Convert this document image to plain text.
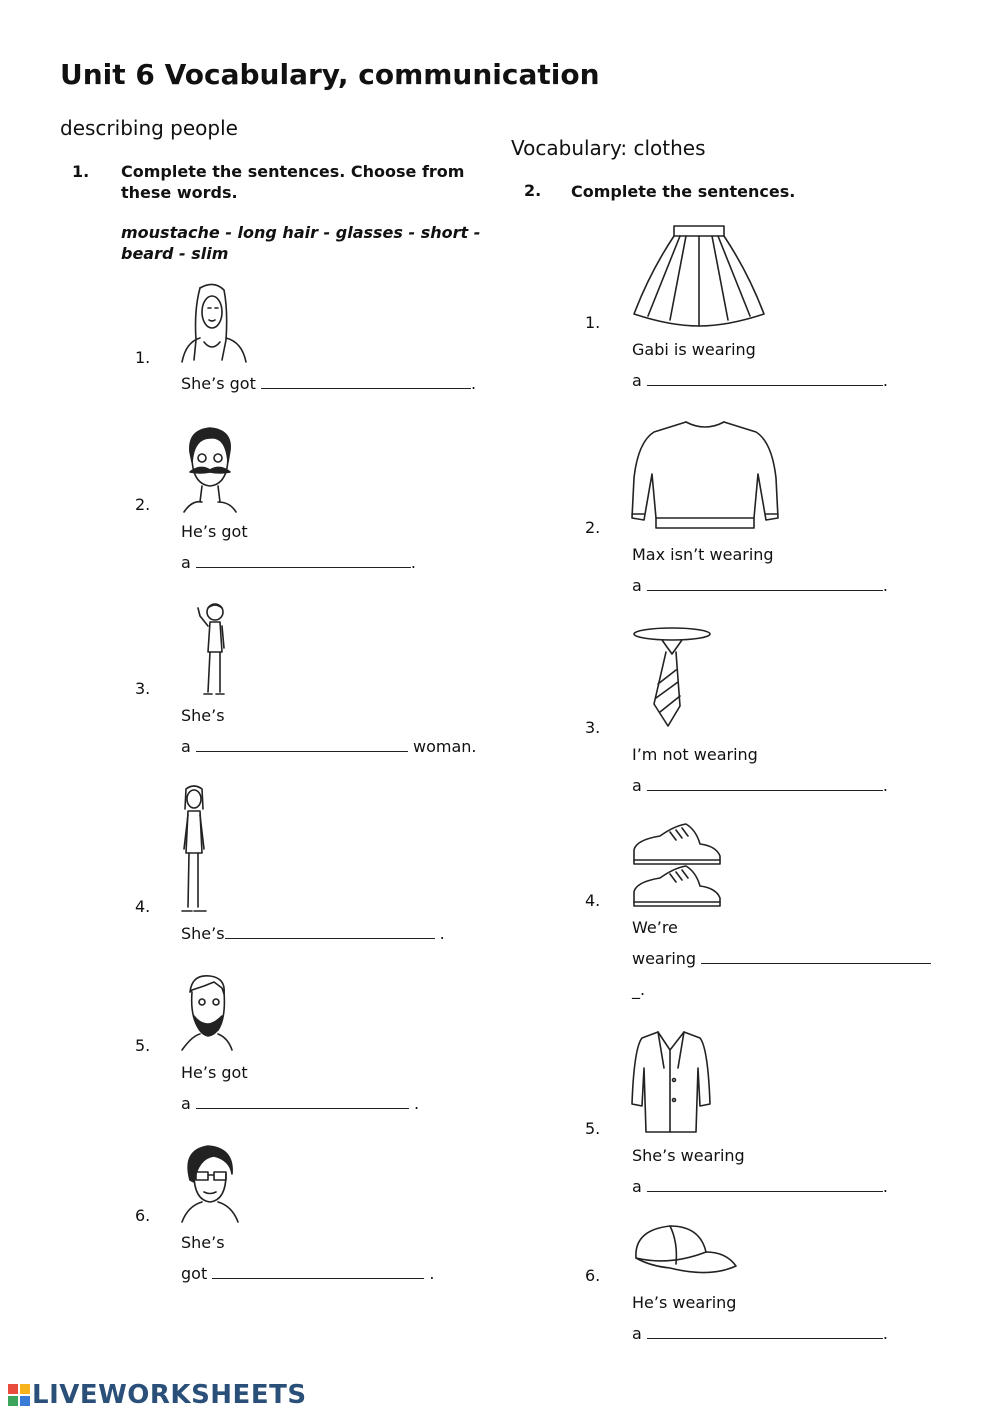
Unit 6 Vocabulary, communication
describing people
1. Complete the sentences. Choose from these words.
moustache - long hair - glasses - short - beard - slim
1.
She’s got	.
2.
He’s got
a	.
3.
She’s
a	woman.
4.
She’s	.
5.
He’s got
a	.
6.
She’s
got	.
Vocabulary: clothes
2. Complete the sentences.
1.
Gabi is wearing
a	.
2.
Max isn’t wearing
a	.
3.
I’m not wearing
a	.
4.
We’re
wearing
_.
5.
She’s wearing
a	.
6.
He’s wearing
a	.
LIVEWORKSHEETS
